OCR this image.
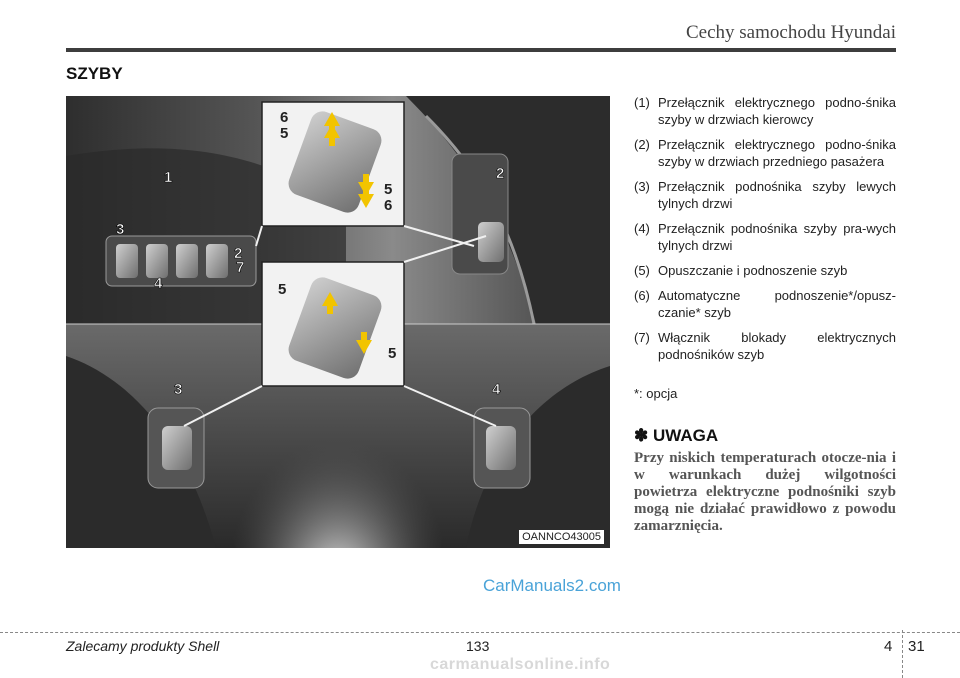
Cechy samochodu Hyundai
SZYBY
1	2
2
3
3
4
4
7
6
5
5
6
5
5
OANNCO43005
(1) Przełącznik elektrycznego podno-śnika szyby w drzwiach kierowcy
(2) Przełącznik elektrycznego podno-śnika szyby w drzwiach przedniego pasażera
(3) Przełącznik podnośnika szyby lewych tylnych drzwi
(4) Przełącznik podnośnika szyby pra-wych tylnych drzwi
(5) Opuszczanie i podnoszenie szyb
(6) Automatyczne podnoszenie*/opusz-czanie* szyb
(7) Włącznik blokady elektrycznych podnośników szyb
*: opcja
✽ UWAGA
Przy niskich temperaturach otocze-nia i w warunkach dużej wilgotności powietrza elektryczne podnośniki szyb mogą nie działać prawidłowo z powodu zamarznięcia.
CarManuals2.com
Zalecamy produkty Shell	133	4 31
carmanualsonline.info
